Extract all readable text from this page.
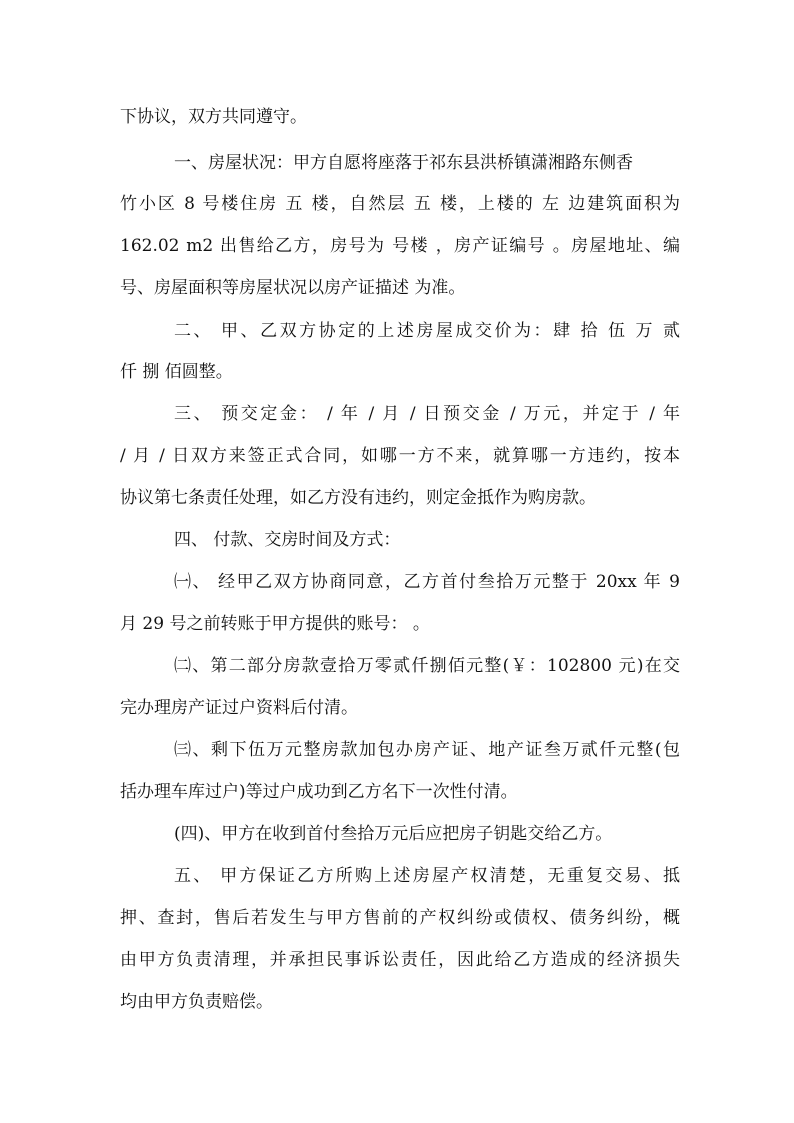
下协议，双方共同遵守。

一、房屋状况：甲方自愿将座落于祁东县洪桥镇潇湘路东侧香

竹小区 8 号楼住房 五 楼，自然层 五 楼，上楼的 左 边建筑面积为

162.02 m2 出售给乙方，房号为 号楼 ，房产证编号 。房屋地址、编

号、房屋面积等房屋状况以房产证描述 为准。

二、 甲、乙双方协定的上述房屋成交价为：肆 拾 伍 万 贰

仟 捌 佰圆整。

三、 预交定金： / 年 / 月 / 日预交金 / 万元，并定于 / 年

/ 月 / 日双方来签正式合同，如哪一方不来，就算哪一方违约，按本

协议第七条责任处理，如乙方没有违约，则定金抵作为购房款。

四、 付款、交房时间及方式：

㈠、 经甲乙双方协商同意，乙方首付叁拾万元整于 20xx 年 9

月 29 号之前转账于甲方提供的账号： 。

㈡、第二部分房款壹拾万零贰仟捌佰元整(￥：102800 元)在交

完办理房产证过户资料后付清。

㈢、剩下伍万元整房款加包办房产证、地产证叁万贰仟元整(包

括办理车库过户)等过户成功到乙方名下一次性付清。

(四)、甲方在收到首付叁拾万元后应把房子钥匙交给乙方。

五、 甲方保证乙方所购上述房屋产权清楚，无重复交易、抵

押、查封，售后若发生与甲方售前的产权纠纷或债权、债务纠纷，概

由甲方负责清理，并承担民事诉讼责任，因此给乙方造成的经济损失

均由甲方负责赔偿。
